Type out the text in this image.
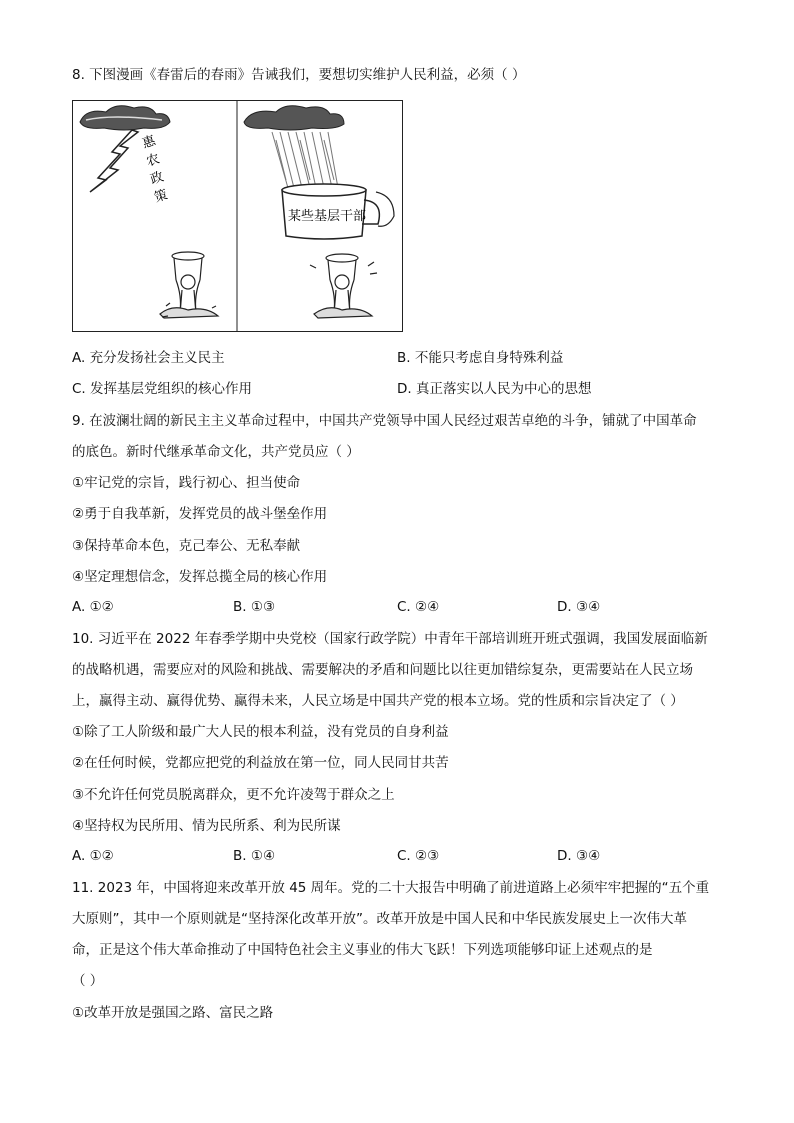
8. 下图漫画《春雷后的春雨》告诫我们，要想切实维护人民利益，必须（ ）
惠
农
政
策
某些基层干部
A. 充分发扬社会主义民主	B. 不能只考虑自身特殊利益
C. 发挥基层党组织的核心作用	D. 真正落实以人民为中心的思想
9. 在波澜壮阔的新民主主义革命过程中，中国共产党领导中国人民经过艰苦卓绝的斗争，铺就了中国革命
的底色。新时代继承革命文化，共产党员应（ ）
①牢记党的宗旨，践行初心、担当使命
②勇于自我革新，发挥党员的战斗堡垒作用
③保持革命本色，克己奉公、无私奉献
④坚定理想信念，发挥总揽全局的核心作用
A. ①②	B. ①③	C. ②④	D. ③④
10. 习近平在 2022 年春季学期中央党校（国家行政学院）中青年干部培训班开班式强调，我国发展面临新
的战略机遇，需要应对的风险和挑战、需要解决的矛盾和问题比以往更加错综复杂，更需要站在人民立场
上，赢得主动、赢得优势、赢得未来，人民立场是中国共产党的根本立场。党的性质和宗旨决定了（ ）
①除了工人阶级和最广大人民的根本利益，没有党员的自身利益
②在任何时候，党都应把党的利益放在第一位，同人民同甘共苦
③不允许任何党员脱离群众，更不允许凌驾于群众之上
④坚持权为民所用、情为民所系、利为民所谋
A. ①②	B. ①④	C. ②③	D. ③④
11. 2023 年，中国将迎来改革开放 45 周年。党的二十大报告中明确了前进道路上必须牢牢把握的“五个重
大原则”，其中一个原则就是“坚持深化改革开放”。改革开放是中国人民和中华民族发展史上一次伟大革
命，正是这个伟大革命推动了中国特色社会主义事业的伟大飞跃！下列选项能够印证上述观点的是
（ ）
①改革开放是强国之路、富民之路
